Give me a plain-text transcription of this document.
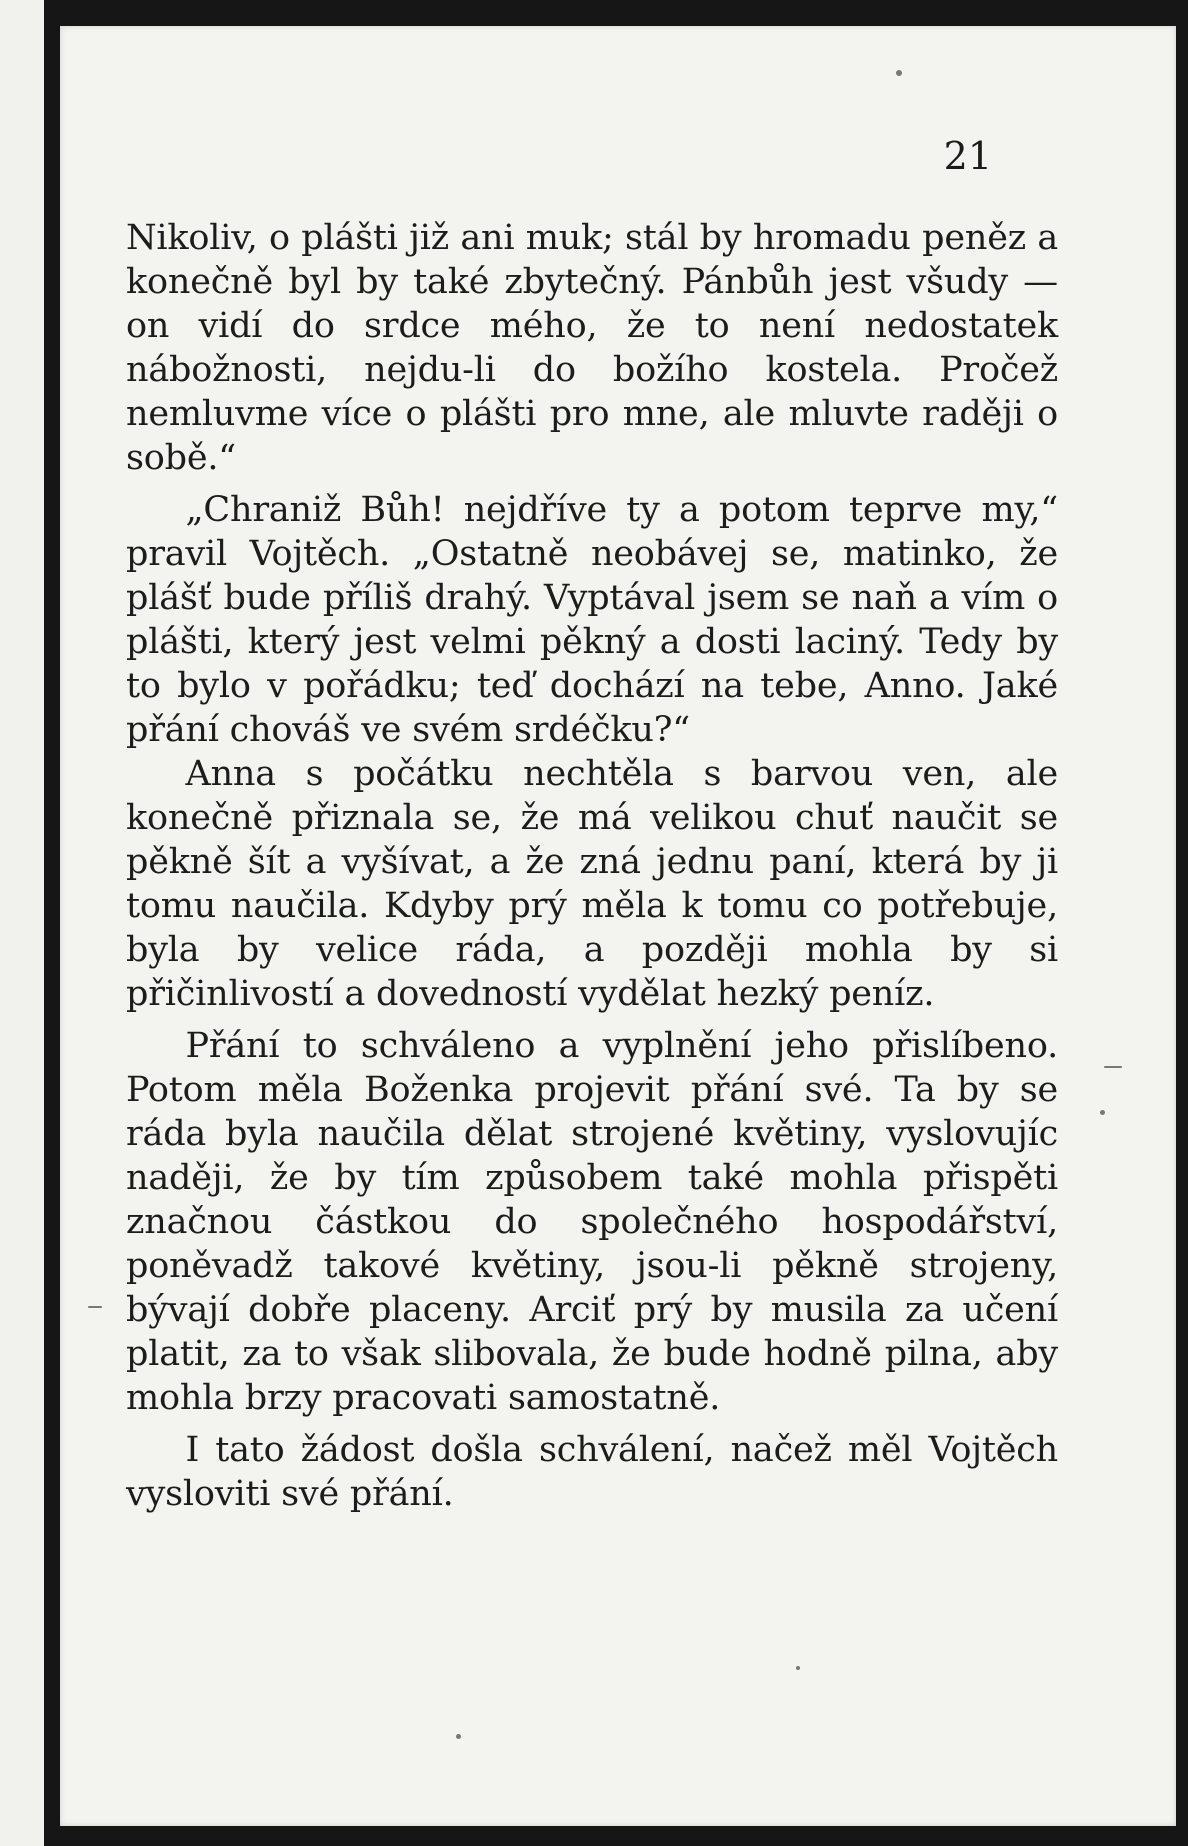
21

Nikoliv, o plášti již ani muk; stál by hromadu peněz a konečně byl by také zbytečný. Pánbůh jest všudy — on vidí do srdce mého, že to není nedostatek nábožnosti, nejdu-li do božího kostela. Pročež nemluvme více o plášti pro mne, ale mluvte raději o sobě.“

„Chraniž Bůh! nejdříve ty a potom teprve my,“ pravil Vojtěch. „Ostatně neobávej se, matinko, že plášť bude příliš drahý. Vyptával jsem se naň a vím o plášti, který jest velmi pěkný a dosti laciný. Tedy by to bylo v pořádku; teď dochází na tebe, Anno. Jaké přání chováš ve svém srdéčku?“

Anna s počátku nechtěla s barvou ven, ale konečně přiznala se, že má velikou chuť naučit se pěkně šít a vyšívat, a že zná jednu paní, která by ji tomu naučila. Kdyby prý měla k tomu co potřebuje, byla by velice ráda, a později mohla by si přičinlivostí a dovedností vydělat hezký peníz.

Přání to schváleno a vyplnění jeho přislíbeno. Potom měla Boženka projevit přání své. Ta by se ráda byla naučila dělat strojené květiny, vyslovujíc naději, že by tím způsobem také mohla přispěti značnou částkou do společného hospodářství, poněvadž takové květiny, jsou-li pěkně strojeny, bývají dobře placeny. Arciť prý by musila za učení platit, za to však slibovala, že bude hodně pilna, aby mohla brzy pracovati samostatně.

I tato žádost došla schválení, načež měl Vojtěch vysloviti své přání.
